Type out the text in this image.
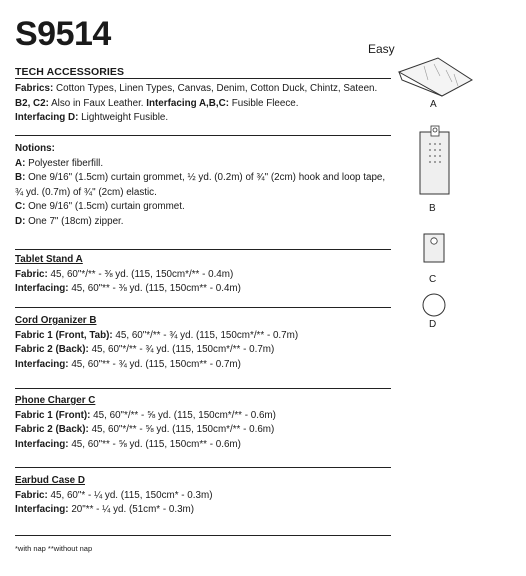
S9514	Easy
TECH ACCESSORIES
Fabrics: Cotton Types, Linen Types, Canvas, Denim, Cotton Duck, Chintz, Sateen.
B2, C2: Also in Faux Leather. Interfacing A,B,C: Fusible Fleece.
Interfacing D: Lightweight Fusible.
Notions:
A: Polyester fiberfill.
B: One 9/16" (1.5cm) curtain grommet, ½ yd. (0.2m) of ¾" (2cm) hook and loop tape,
¾ yd. (0.7m) of ¾" (2cm) elastic.
C: One 9/16" (1.5cm) curtain grommet.
D: One 7" (18cm) zipper.
Tablet Stand A
Fabric: 45, 60"*/** - ⅜ yd. (115, 150cm*/** - 0.4m)
Interfacing: 45, 60"** - ⅜ yd. (115, 150cm** - 0.4m)
Cord Organizer B
Fabric 1 (Front, Tab): 45, 60"*/** - ¾ yd. (115, 150cm*/** - 0.7m)
Fabric 2 (Back): 45, 60"*/** - ¾ yd. (115, 150cm*/** - 0.7m)
Interfacing: 45, 60"** - ¾ yd. (115, 150cm** - 0.7m)
Phone Charger C
Fabric 1 (Front): 45, 60"*/** - ⅝ yd. (115, 150cm*/** - 0.6m)
Fabric 2 (Back): 45, 60"*/** - ⅝ yd. (115, 150cm*/** - 0.6m)
Interfacing: 45, 60"** - ⅝ yd. (115, 150cm** - 0.6m)
Earbud Case D
Fabric: 45, 60"* - ¼ yd. (115, 150cm* - 0.3m)
Interfacing: 20"** - ¼ yd. (51cm* - 0.3m)
*with nap **without nap
A
B
C
D
